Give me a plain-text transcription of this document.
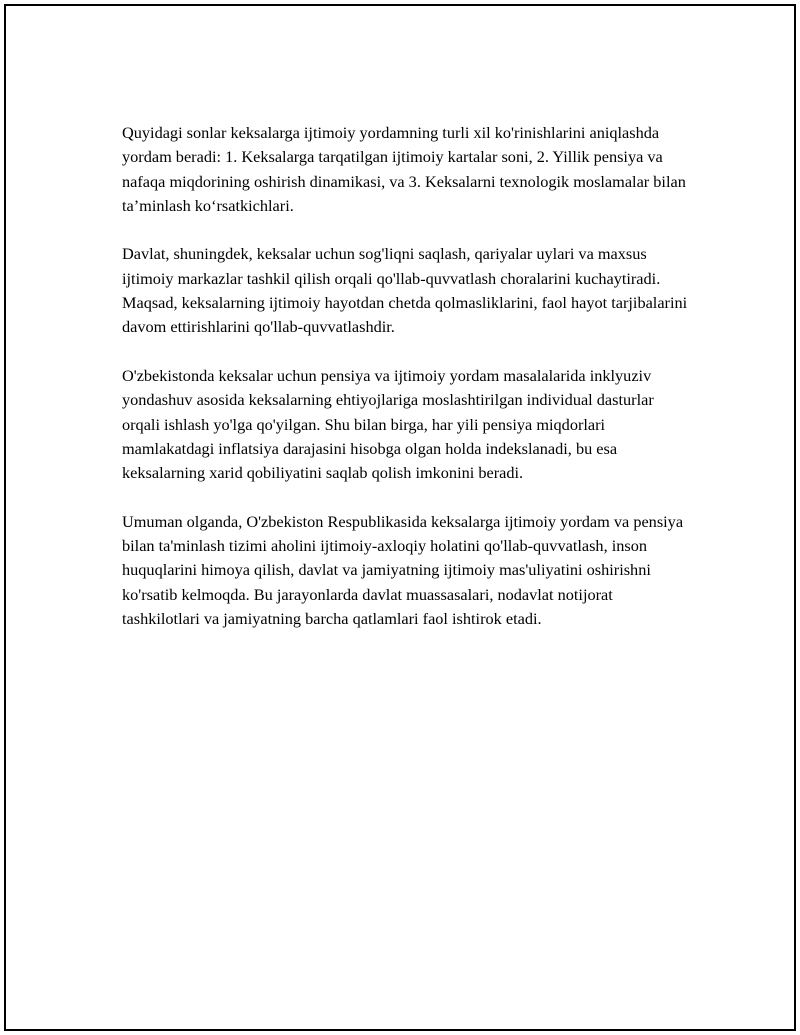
Quyidagi sonlar keksalarga ijtimoiy yordamning turli xil ko'rinishlarini aniqlashda yordam beradi: 1. Keksalarga tarqatilgan ijtimoiy kartalar soni, 2. Yillik pensiya va nafaqa miqdorining oshirish dinamikasi, va 3. Keksalarni texnologik moslamalar bilan ta’minlash ko‘rsatkichlari.

Davlat, shuningdek, keksalar uchun sog'liqni saqlash, qariyalar uylari va maxsus ijtimoiy markazlar tashkil qilish orqali qo'llab-quvvatlash choralarini kuchaytiradi. Maqsad, keksalarning ijtimoiy hayotdan chetda qolmasliklarini, faol hayot tarjibalarini davom ettirishlarini qo'llab-quvvatlashdir.

O'zbekistonda keksalar uchun pensiya va ijtimoiy yordam masalalarida inklyuziv yondashuv asosida keksalarning ehtiyojlariga moslashtirilgan individual dasturlar orqali ishlash yo'lga qo'yilgan. Shu bilan birga, har yili pensiya miqdorlari mamlakatdagi inflatsiya darajasini hisobga olgan holda indekslanadi, bu esa keksalarning xarid qobiliyatini saqlab qolish imkonini beradi.

Umuman olganda, O'zbekiston Respublikasida keksalarga ijtimoiy yordam va pensiya bilan ta'minlash tizimi aholini ijtimoiy-axloqiy holatini qo'llab-quvvatlash, inson huquqlarini himoya qilish, davlat va jamiyatning ijtimoiy mas'uliyatini oshirishni ko'rsatib kelmoqda. Bu jarayonlarda davlat muassasalari, nodavlat notijorat tashkilotlari va jamiyatning barcha qatlamlari faol ishtirok etadi.
